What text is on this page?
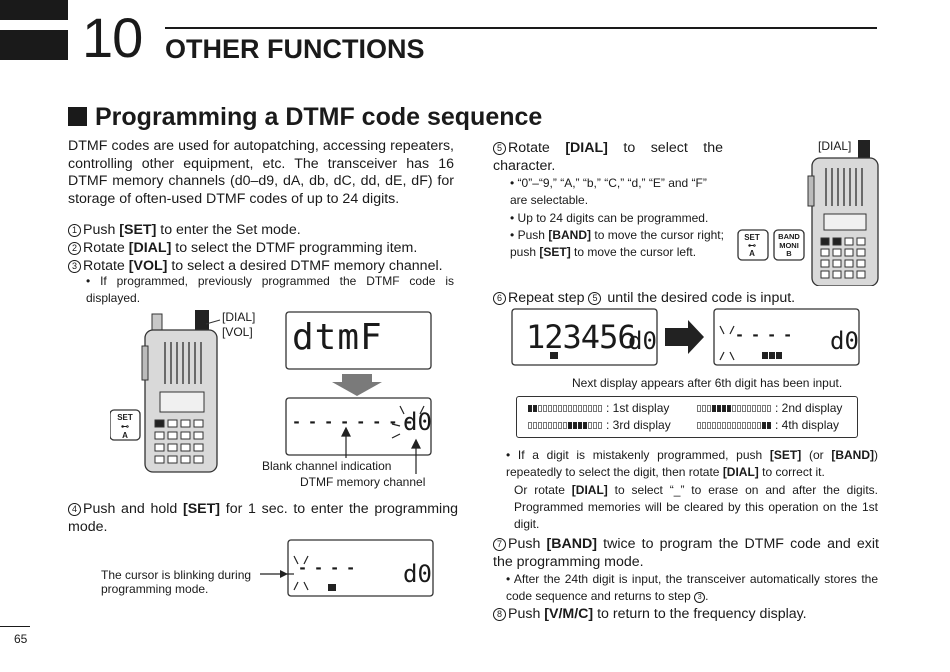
10 OTHER FUNCTIONS
Programming a DTMF code sequence
DTMF codes are used for autopatching, accessing repeaters, controlling other equipment, etc. The transceiver has 16 DTMF memory channels (d0–d9, dA, db, dC, dd, dE, dF) for storage of often-used DTMF codes of up to 24 digits.
1 Push [SET] to enter the Set mode.
2 Rotate [DIAL] to select the DTMF programming item.
3 Rotate [VOL] to select a desired DTMF memory channel.
• If programmed, previously programmed the DTMF code is displayed.
SET
⊷
A
[DIAL]
[VOL] dtmF
- - - - - - - -
d0
Blank channel indication
DTMF memory channel
4 Push and hold [SET] for 1 sec. to enter the programming mode.
- - - - d0
The cursor is blinking during
programming mode.
5 Rotate [DIAL] to select the character.
• “0”–“9,” “A,” “b,” “C,” “d,” “E” and “F” are selectable.
• Up to 24 digits can be programmed.
• Push [BAND] to move the cursor right; push [SET] to move the cursor left.
[DIAL]
SET
⊷
A
BAND
MONI
B
6 Repeat step 5 until the desired code is input.
123456
d0	- - - - d0
Next display appears after 6th digit has been input.
: 1st display	: 2nd display
: 3rd display	: 4th display
• If a digit is mistakenly programmed, push [SET] (or [BAND]) repeatedly to select the digit, then rotate [DIAL] to correct it.
Or rotate [DIAL] to select “_” to erase on and after the digits. Programmed memories will be cleared by this operation on the 1st digit.
7 Push [BAND] twice to program the DTMF code and exit the programming mode.
• After the 24th digit is input, the transceiver automatically stores the code sequence and returns to step 3 .
8 Push [V/M/C] to return to the frequency display.
65
